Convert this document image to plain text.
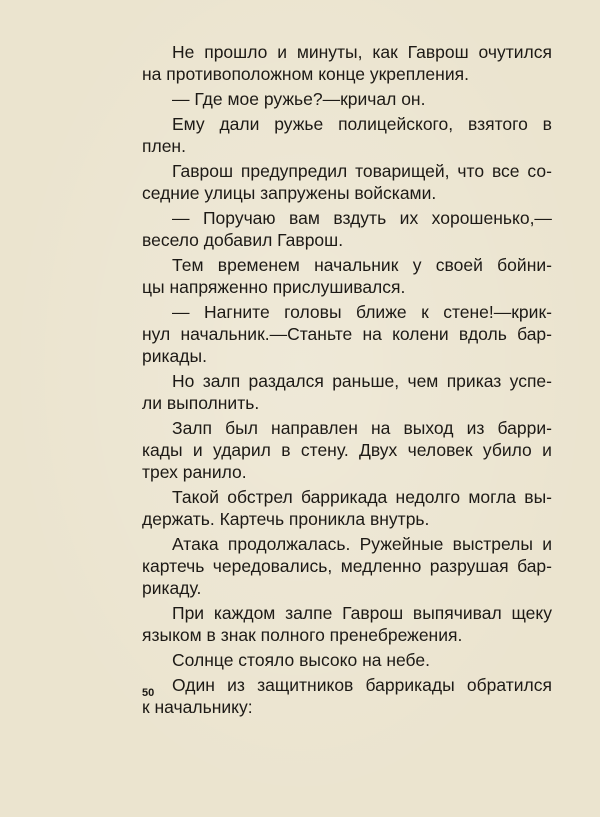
Не прошло и минуты, как Гаврош очутился
на противоположном конце укрепления.
— Где мое ружье?—кричал он.
Ему дали ружье полицейского, взятого в
плен.
Гаврош предупредил товарищей, что все со-
седние улицы запружены войсками.
— Поручаю вам вздуть их хорошенько,—
весело добавил Гаврош.
Тем временем начальник у своей бойни-
цы напряженно прислушивался.
— Нагните головы ближе к стене!—крик-
нул начальник.—Станьте на колени вдоль бар-
рикады.
Но залп раздался раньше, чем приказ успе-
ли выполнить.
Залп был направлен на выход из барри-
кады и ударил в стену. Двух человек убило и
трех ранило.
Такой обстрел баррикада недолго могла вы-
держать. Картечь проникла внутрь.
Атака продолжалась. Ружейные выстрелы и
картечь чередовались, медленно разрушая бар-
рикаду.
При каждом залпе Гаврош выпячивал щеку
языком в знак полного пренебрежения.
Солнце стояло высоко на небе.
Один из защитников баррикады обратился
к начальнику:
50
